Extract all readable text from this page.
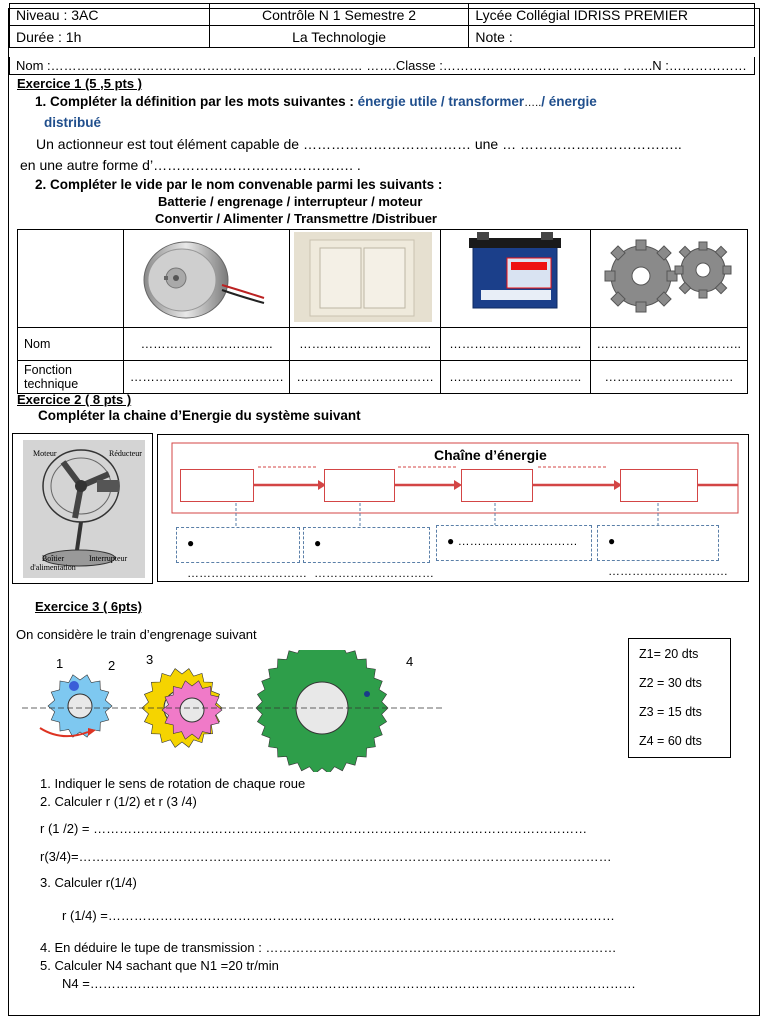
Niveau : 3AC	Contrôle N 1 Semestre 2	Lycée Collégial IDRISS PREMIER
Durée : 1h	La Technologie	Note :
Nom :……………………………………………………………… …….Classe :………………………………….. …….N :………………
Exercice 1 (5 ,5 pts )
1. Compléter la définition par les mots suivantes : énergie utile / transformer…../ énergie
distribué
Un actionneur est tout élément capable de ……………………………… une … ……………………………..
en une autre forme d’……………………………………. .
2. Compléter le vide par le nom convenable parmi les suivants :
Batterie / engrenage / interrupteur / moteur
Convertir / Alimenter / Transmettre /Distribuer

Nom	…………………………..	…………………………..	…………………………..	……………………………..
Fonction technique	……………………………….	……………………………	…………………………..	………………………….
Exercice 2 ( 8 pts )
Compléter la chaine d’Energie du système suivant
Moteur	Réducteur
Boîtier d'alimentation
Interrupteur
Chaîne d’énergie
● …………………………
● …………………………
● …………………………	● …………………………
Exercice 3 ( 6pts)
On considère le train d’engrenage suivant
1	2 3	4	Z1= 20 dts
Z2 = 30 dts
Z3 = 15 dts
Z4 = 60 dts
1. Indiquer le sens de rotation de chaque roue
2. Calculer r (1/2) et r (3 /4)
r (1 /2) = ……………………………………………………………………………………………………
r(3/4)=……………………………………………………………………………………………………………
3. Calculer r(1/4)
r (1/4) =………………………………………………………………………………………………………
4. En déduire le tupe de transmission : ………………………………………………………………………
5. Calculer N4 sachant que N1 =20 tr/min
N4 =………………………………………………………………………………………………………………
